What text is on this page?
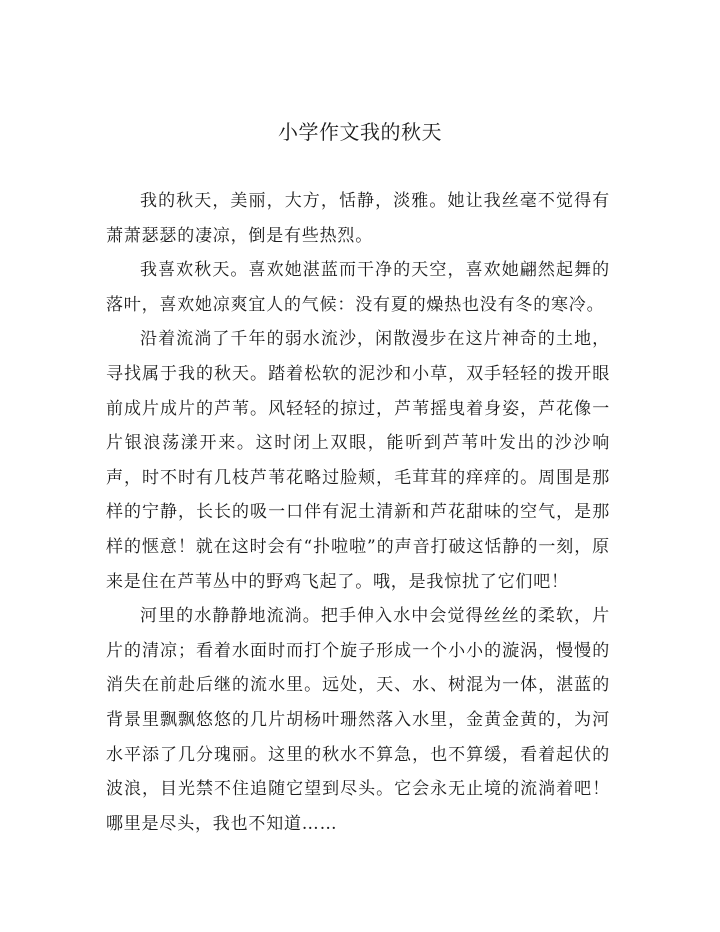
小学作文我的秋天

我的秋天，美丽，大方，恬静，淡雅。她让我丝毫不觉得有萧萧瑟瑟的凄凉，倒是有些热烈。

我喜欢秋天。喜欢她湛蓝而干净的天空，喜欢她翩然起舞的落叶，喜欢她凉爽宜人的气候：没有夏的燥热也没有冬的寒冷。

沿着流淌了千年的弱水流沙，闲散漫步在这片神奇的土地，寻找属于我的秋天。踏着松软的泥沙和小草，双手轻轻的拨开眼前成片成片的芦苇。风轻轻的掠过，芦苇摇曳着身姿，芦花像一片银浪荡漾开来。这时闭上双眼，能听到芦苇叶发出的沙沙响声，时不时有几枝芦苇花略过脸颊，毛茸茸的痒痒的。周围是那样的宁静，长长的吸一口伴有泥土清新和芦花甜味的空气，是那样的惬意！就在这时会有“扑啦啦”的声音打破这恬静的一刻，原来是住在芦苇丛中的野鸡飞起了。哦，是我惊扰了它们吧！

河里的水静静地流淌。把手伸入水中会觉得丝丝的柔软，片片的清凉；看着水面时而打个旋子形成一个小小的漩涡，慢慢的消失在前赴后继的流水里。远处，天、水、树混为一体，湛蓝的背景里飘飘悠悠的几片胡杨叶珊然落入水里，金黄金黄的，为河水平添了几分瑰丽。这里的秋水不算急，也不算缓，看着起伏的波浪，目光禁不住追随它望到尽头。它会永无止境的流淌着吧！哪里是尽头，我也不知道……
